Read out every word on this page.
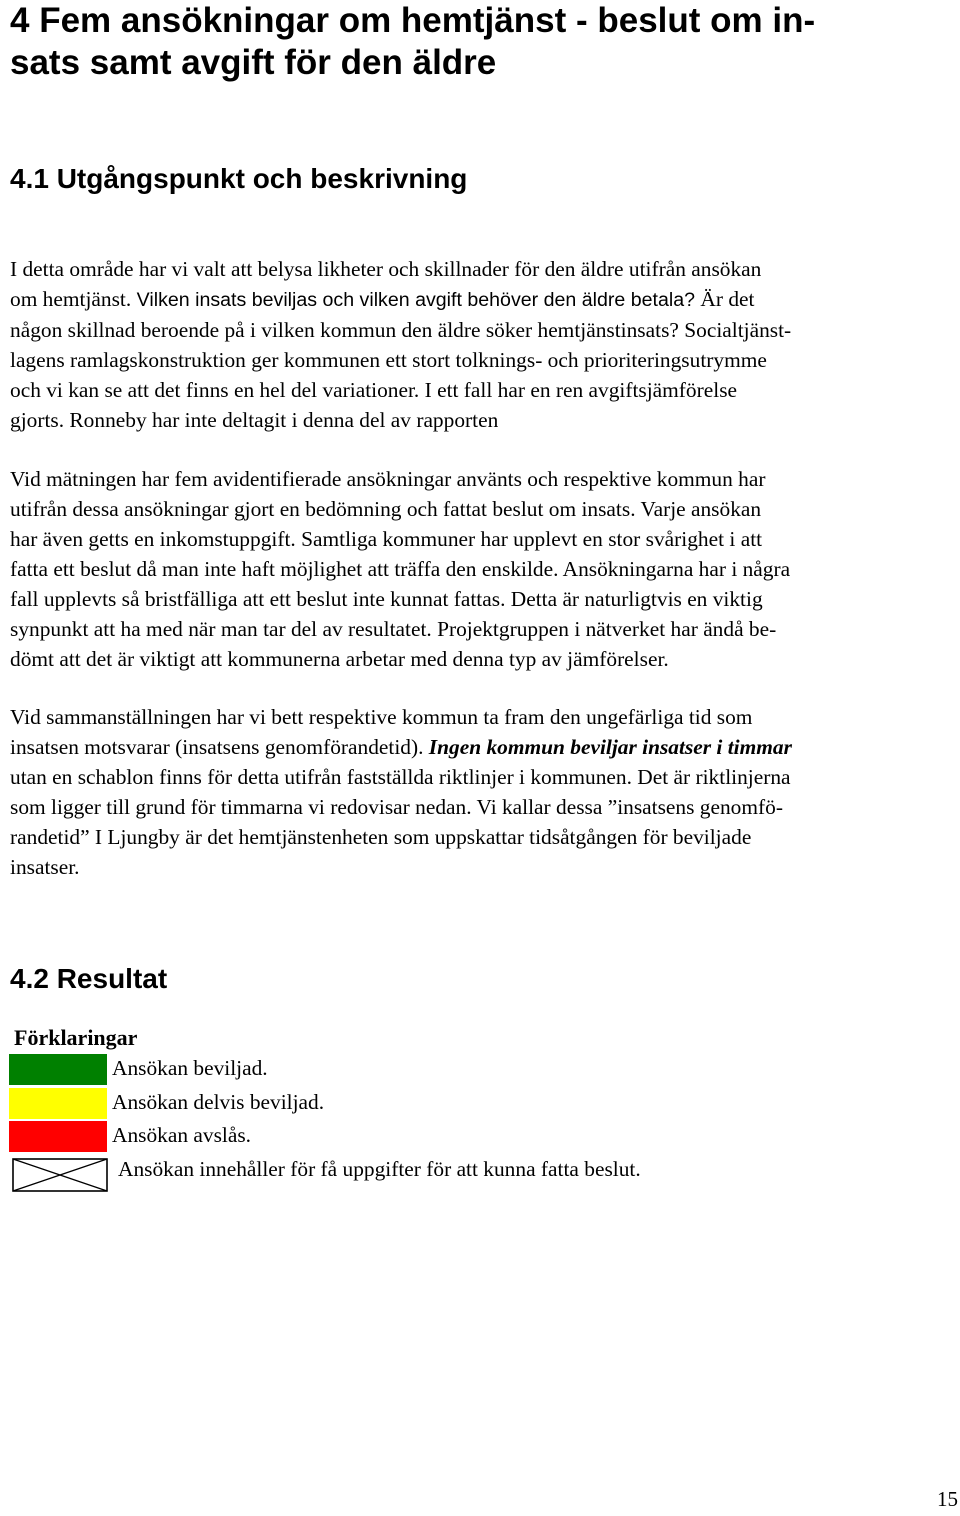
4 Fem ansökningar om hemtjänst - beslut om in-
sats samt avgift för den äldre
4.1 Utgångspunkt och beskrivning
I detta område har vi valt att belysa likheter och skillnader för den äldre utifrån ansökan
om hemtjänst. Vilken insats beviljas och vilken avgift behöver den äldre betala? Är det
någon skillnad beroende på i vilken kommun den äldre söker hemtjänstinsats? Socialtjänst-
lagens ramlagskonstruktion ger kommunen ett stort tolknings- och prioriteringsutrymme
och vi kan se att det finns en hel del variationer. I ett fall har en ren avgiftsjämförelse
gjorts. Ronneby har inte deltagit i denna del av rapporten
Vid mätningen har fem avidentifierade ansökningar använts och respektive kommun har
utifrån dessa ansökningar gjort en bedömning och fattat beslut om insats. Varje ansökan
har även getts en inkomstuppgift. Samtliga kommuner har upplevt en stor svårighet i att
fatta ett beslut då man inte haft möjlighet att träffa den enskilde. Ansökningarna har i några
fall upplevts så bristfälliga att ett beslut inte kunnat fattas. Detta är naturligtvis en viktig
synpunkt att ha med när man tar del av resultatet. Projektgruppen i nätverket har ändå be-
dömt att det är viktigt att kommunerna arbetar med denna typ av jämförelser.
Vid sammanställningen har vi bett respektive kommun ta fram den ungefärliga tid som
insatsen motsvarar (insatsens genomförandetid). Ingen kommun beviljar insatser i timmar
utan en schablon finns för detta utifrån fastställda riktlinjer i kommunen. Det är riktlinjerna
som ligger till grund för timmarna vi redovisar nedan. Vi kallar dessa ”insatsens genomfö-
randetid” I Ljungby är det hemtjänstenheten som uppskattar tidsåtgången för beviljade
insatser.
4.2 Resultat
Förklaringar
Ansökan beviljad.
Ansökan delvis beviljad.
Ansökan avslås.
Ansökan innehåller för få uppgifter för att kunna fatta beslut.
15
